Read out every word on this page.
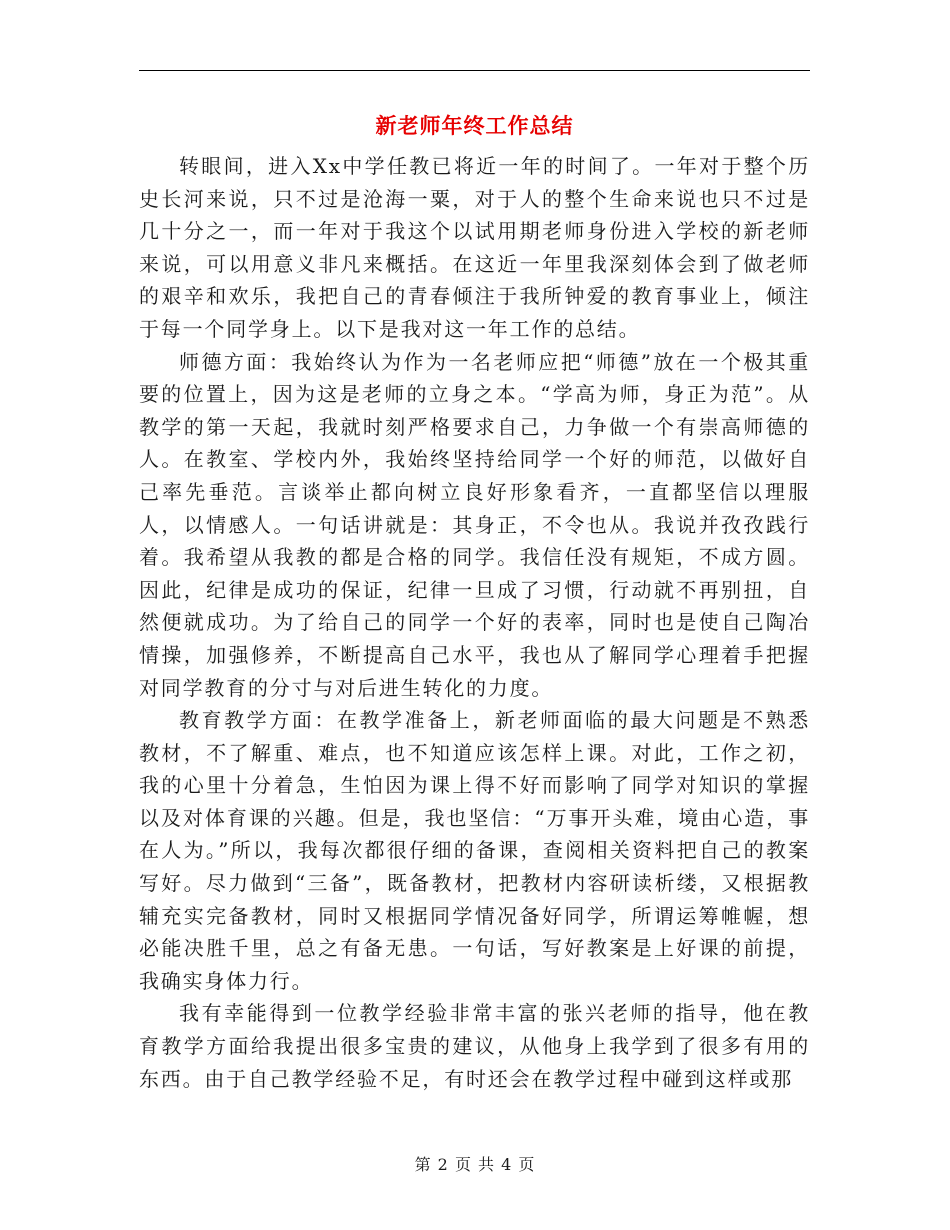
新老师年终工作总结

转眼间，进入Xx中学任教已将近一年的时间了。一年对于整个历史长河来说，只不过是沧海一粟，对于人的整个生命来说也只不过是几十分之一，而一年对于我这个以试用期老师身份进入学校的新老师来说，可以用意义非凡来概括。在这近一年里我深刻体会到了做老师的艰辛和欢乐，我把自己的青春倾注于我所钟爱的教育事业上，倾注于每一个同学身上。以下是我对这一年工作的总结。

师德方面：我始终认为作为一名老师应把“师德”放在一个极其重要的位置上，因为这是老师的立身之本。“学高为师，身正为范”。从教学的第一天起，我就时刻严格要求自己，力争做一个有崇高师德的人。在教室、学校内外，我始终坚持给同学一个好的师范，以做好自己率先垂范。言谈举止都向树立良好形象看齐，一直都坚信以理服人，以情感人。一句话讲就是：其身正，不令也从。我说并孜孜践行着。我希望从我教的都是合格的同学。我信任没有规矩，不成方圆。因此，纪律是成功的保证，纪律一旦成了习惯，行动就不再别扭，自然便就成功。为了给自己的同学一个好的表率，同时也是使自己陶冶情操，加强修养，不断提高自己水平，我也从了解同学心理着手把握对同学教育的分寸与对后进生转化的力度。

教育教学方面：在教学准备上，新老师面临的最大问题是不熟悉教材，不了解重、难点，也不知道应该怎样上课。对此，工作之初，我的心里十分着急，生怕因为课上得不好而影响了同学对知识的掌握以及对体育课的兴趣。但是，我也坚信：“万事开头难，境由心造，事在人为。”所以，我每次都很仔细的备课，查阅相关资料把自己的教案写好。尽力做到“三备”，既备教材，把教材内容研读析缕，又根据教辅充实完备教材，同时又根据同学情况备好同学，所谓运筹帷幄，想必能决胜千里，总之有备无患。一句话，写好教案是上好课的前提，我确实身体力行。

我有幸能得到一位教学经验非常丰富的张兴老师的指导，他在教育教学方面给我提出很多宝贵的建议，从他身上我学到了很多有用的东西。由于自己教学经验不足，有时还会在教学过程中碰到这样或那

第 2 页 共 4 页
